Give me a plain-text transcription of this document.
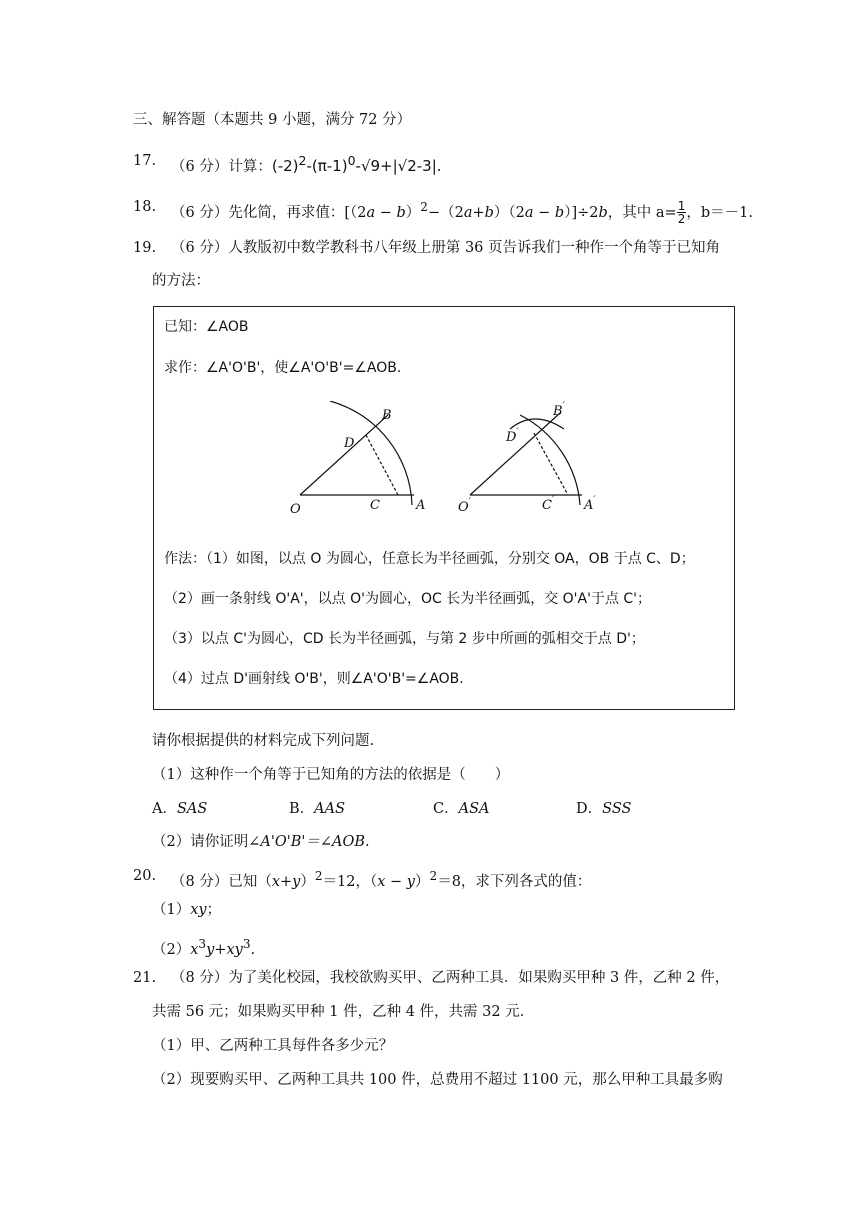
三、解答题（本题共 9 小题，满分 72 分）
17. （6 分）计算：$(-2)^2-(\pi-1)^0-√9+|√2-3|$.
18. （6 分）先化简，再求值：$[(2a - b)^2-(2a+b)(2a - b)]\div 2b$，其中 $a= \frac{1}{2}$ ，b＝－1.
19. （6 分）人教版初中数学教科书八年级上册第 36 页告诉我们一种作一个角等于已知角
的方法：
已知：∠AOB
求作：∠A'O'B'，使∠A'O'B'=∠AOB.
B
D
O	C	A
B′
D′
O′	C′ A′
作法：（1）如图，以点 O 为圆心，任意长为半径画弧，分别交 OA，OB 于点 C、D；
（2）画一条射线 O'A'，以点 O'为圆心，OC 长为半径画弧，交 O'A'于点 C'；
（3）以点 C'为圆心，CD 长为半径画弧，与第 2 步中所画的弧相交于点 D'；
（4）过点 D'画射线 O'B'，则∠A'O'B'=∠AOB.
请你根据提供的材料完成下列问题.
（1）这种作一个角等于已知角的方法的依据是（　　）
A．SAS	B．AAS	C．ASA	D．SSS
（2）请你证明∠A'O'B'＝∠AOB.
20. （8 分）已知$(x+y)^2=12$，$(x - y)^2=8$，求下列各式的值：
（1）xy；
$(2)x^3y+xy^3$.
21. （8 分）为了美化校园，我校欲购买甲、乙两种工具．如果购买甲种 3 件，乙种 2 件，
共需 56 元；如果购买甲种 1 件，乙种 4 件，共需 32 元．
（1）甲、乙两种工具每件各多少元？
（2）现要购买甲、乙两种工具共 100 件，总费用不超过 1100 元，那么甲种工具最多购
